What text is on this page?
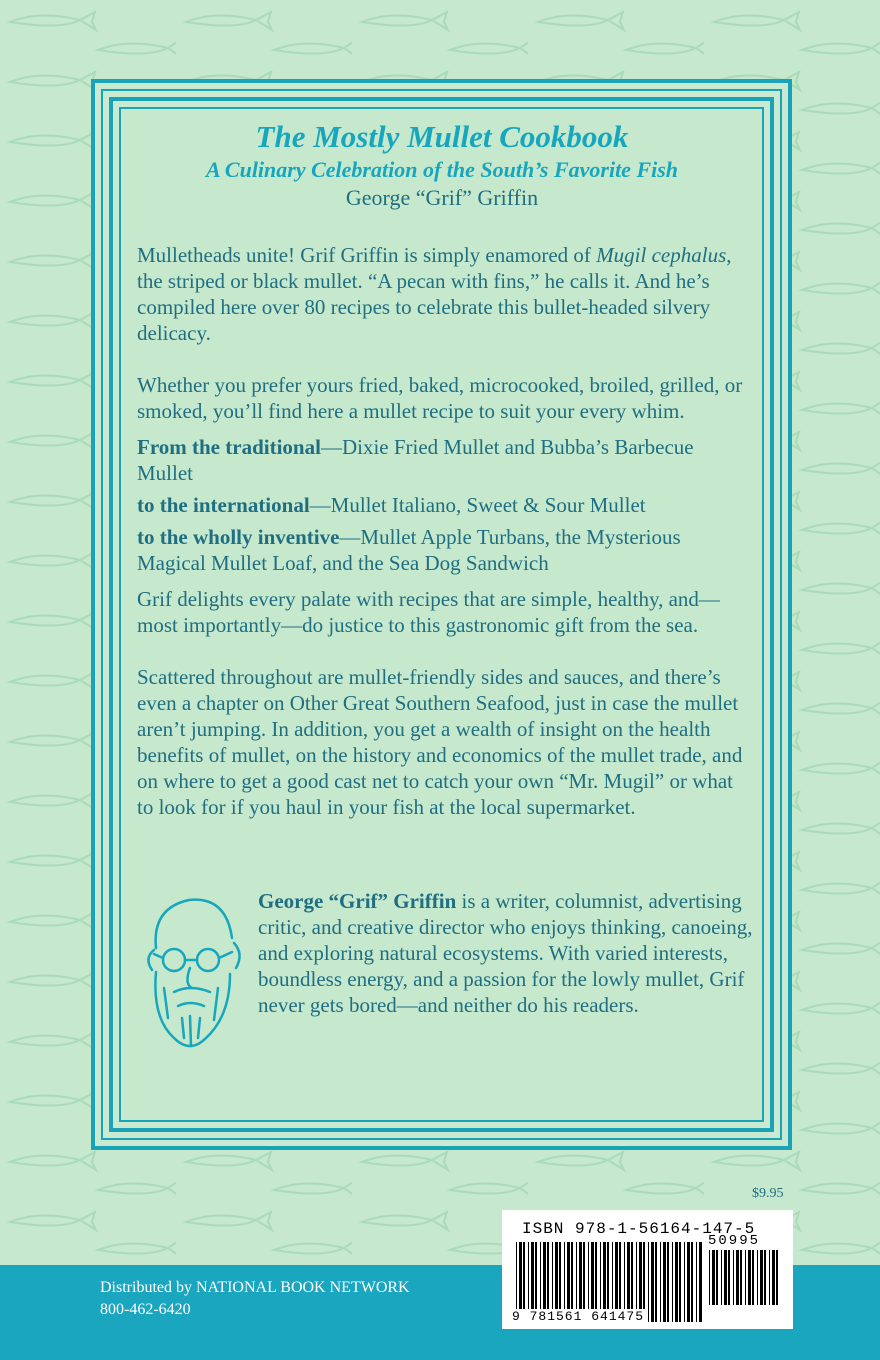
The Mostly Mullet Cookbook
A Culinary Celebration of the South’s Favorite Fish

George “Grif” Griffin

Mulletheads unite! Grif Griffin is simply enamored of Mugil cephalus, the striped or black mullet. “A pecan with fins,” he calls it. And he’s compiled here over 80 recipes to celebrate this bullet-headed silvery delicacy.

Whether you prefer yours fried, baked, microcooked, broiled, grilled, or smoked, you’ll find here a mullet recipe to suit your every whim.

From the traditional—Dixie Fried Mullet and Bubba’s Barbecue Mullet

to the international—Mullet Italiano, Sweet & Sour Mullet

to the wholly inventive—Mullet Apple Turbans, the Mysterious Magical Mullet Loaf, and the Sea Dog Sandwich

Grif delights every palate with recipes that are simple, healthy, and—most importantly—do justice to this gastronomic gift from the sea.

Scattered throughout are mullet-friendly sides and sauces, and there’s even a chapter on Other Great Southern Seafood, just in case the mullet aren’t jumping. In addition, you get a wealth of insight on the health benefits of mullet, on the history and economics of the mullet trade, and on where to get a good cast net to catch your own “Mr. Mugil” or what to look for if you haul in your fish at the local supermarket.

George “Grif” Griffin is a writer, columnist, advertising critic, and creative director who enjoys thinking, canoeing, and exploring natural ecosystems. With varied interests, boundless energy, and a passion for the lowly mullet, Grif never gets bored—and neither do his readers.
$9.95
Distributed by NATIONAL BOOK NETWORK
800-462-6420
ISBN 978-1-56164-147-5
50995
9 781561 641475
